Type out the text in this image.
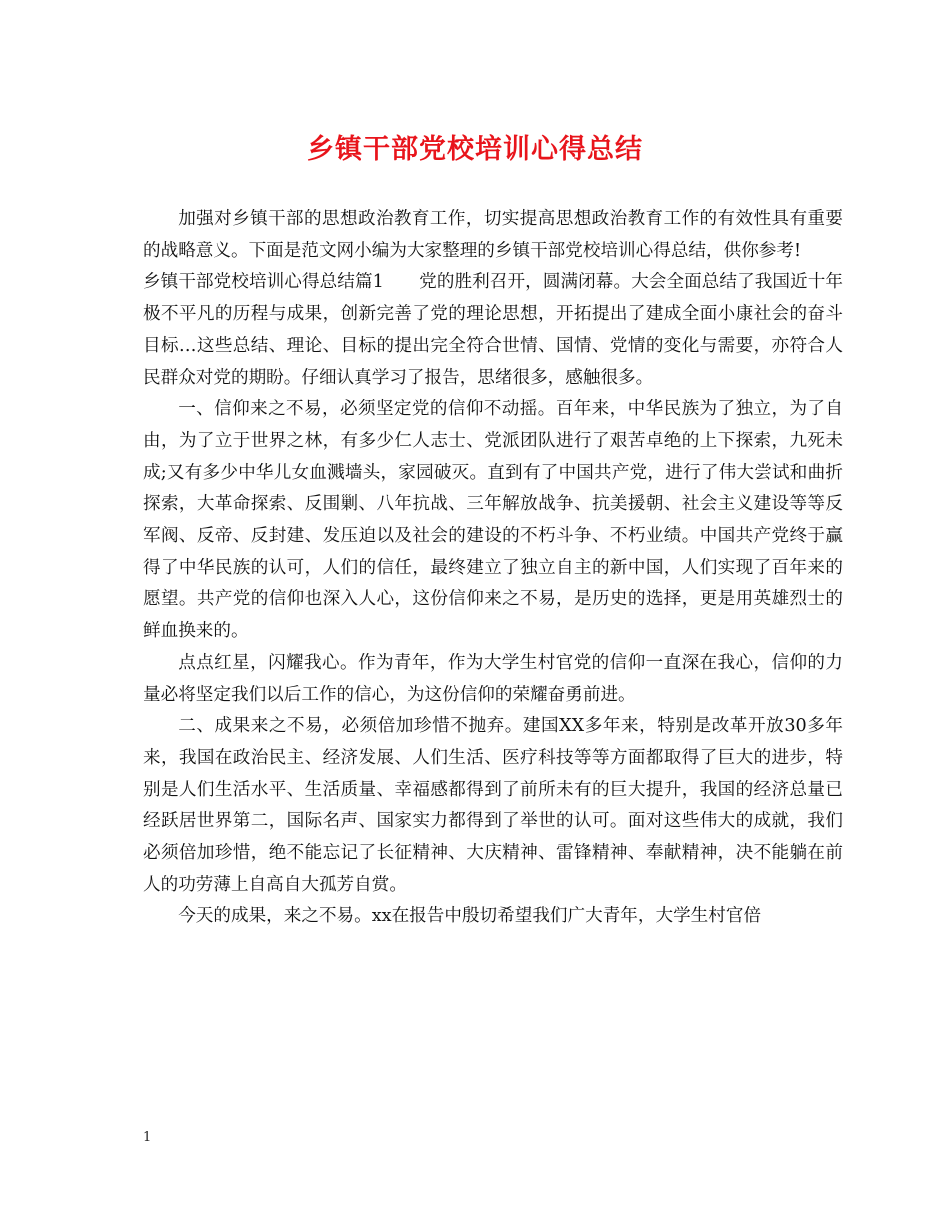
乡镇干部党校培训心得总结

加强对乡镇干部的思想政治教育工作，切实提高思想政治教育工作的有效性具有重要的战略意义。下面是范文网小编为大家整理的乡镇干部党校培训心得总结，供你参考!

乡镇干部党校培训心得总结篇1　　党的胜利召开，圆满闭幕。大会全面总结了我国近十年极不平凡的历程与成果，创新完善了党的理论思想，开拓提出了建成全面小康社会的奋斗目标…这些总结、理论、目标的提出完全符合世情、国情、党情的变化与需要，亦符合人民群众对党的期盼。仔细认真学习了报告，思绪很多，感触很多。

一、信仰来之不易，必须坚定党的信仰不动摇。百年来，中华民族为了独立，为了自由，为了立于世界之林，有多少仁人志士、党派团队进行了艰苦卓绝的上下探索，九死未成;又有多少中华儿女血溅墙头，家园破灭。直到有了中国共产党，进行了伟大尝试和曲折探索，大革命探索、反围剿、八年抗战、三年解放战争、抗美援朝、社会主义建设等等反军阀、反帝、反封建、发压迫以及社会的建设的不朽斗争、不朽业绩。中国共产党终于赢得了中华民族的认可，人们的信任，最终建立了独立自主的新中国，人们实现了百年来的愿望。共产党的信仰也深入人心，这份信仰来之不易，是历史的选择，更是用英雄烈士的鲜血换来的。

点点红星，闪耀我心。作为青年，作为大学生村官党的信仰一直深在我心，信仰的力量必将坚定我们以后工作的信心，为这份信仰的荣耀奋勇前进。

二、成果来之不易，必须倍加珍惜不抛弃。建国XX多年来，特别是改革开放30多年来，我国在政治民主、经济发展、人们生活、医疗科技等等方面都取得了巨大的进步，特别是人们生活水平、生活质量、幸福感都得到了前所未有的巨大提升，我国的经济总量已经跃居世界第二，国际名声、国家实力都得到了举世的认可。面对这些伟大的成就，我们必须倍加珍惜，绝不能忘记了长征精神、大庆精神、雷锋精神、奉献精神，决不能躺在前人的功劳薄上自高自大孤芳自赏。

今天的成果，来之不易。xx在报告中殷切希望我们广大青年，大学生村官倍

1
